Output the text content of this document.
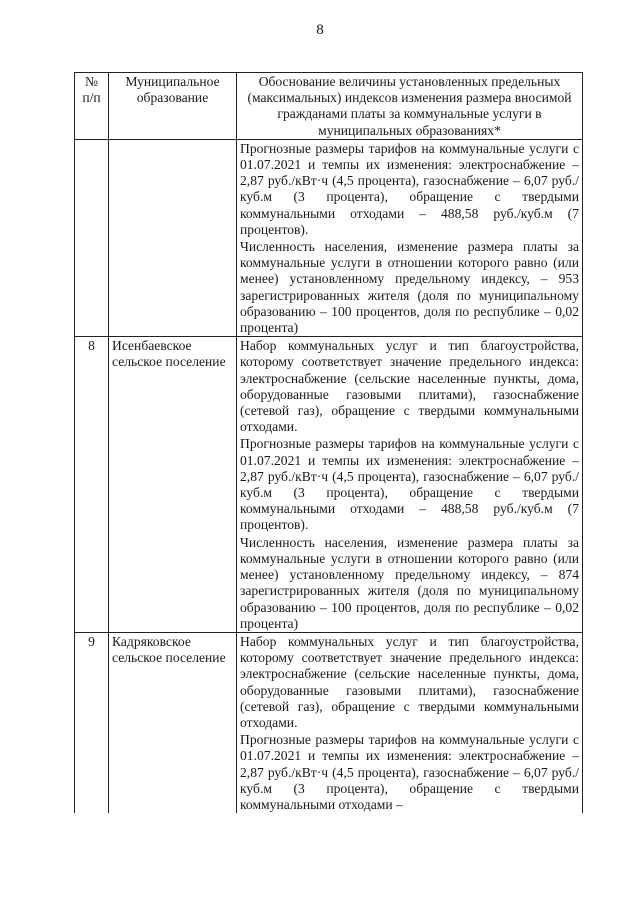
8
№ п/п	Муниципальное образование	Обоснование величины установленных предельных (максимальных) индексов изменения размера вносимой гражданами платы за коммунальные услуги в муниципальных образованиях*

		Прогнозные размеры тарифов на коммунальные услуги с 01.07.2021 и темпы их изменения: электроснабжение – 2,87 руб./кВт·ч (4,5 процента), газоснабжение – 6,07 руб./куб.м (3 процента), обращение с твердыми коммунальными отходами – 488,58 руб./куб.м (7 процентов).

Численность населения, изменение размера платы за коммунальные услуги в отношении которого равно (или менее) установленному предельному индексу, – 953 зарегистрированных жителя (доля по муниципальному образованию – 100 процентов, доля по республике – 0,02 процента)

8	Исенбаевское сельское поселение	Набор коммунальных услуг и тип благоустройства, которому соответствует значение предельного индекса: электроснабжение (сельские населенные пункты, дома, оборудованные газовыми плитами), газоснабжение (сетевой газ), обращение с твердыми коммунальными отходами.

Прогнозные размеры тарифов на коммунальные услуги с 01.07.2021 и темпы их изменения: электроснабжение – 2,87 руб./кВт·ч (4,5 процента), газоснабжение – 6,07 руб./куб.м (3 процента), обращение с твердыми коммунальными отходами – 488,58 руб./куб.м (7 процентов).

Численность населения, изменение размера платы за коммунальные услуги в отношении которого равно (или менее) установленному предельному индексу, – 874 зарегистрированных жителя (доля по муниципальному образованию – 100 процентов, доля по республике – 0,02 процента)

9	Кадряковское сельское поселение	Набор коммунальных услуг и тип благоустройства, которому соответствует значение предельного индекса: электроснабжение (сельские населенные пункты, дома, оборудованные газовыми плитами), газоснабжение (сетевой газ), обращение с твердыми коммунальными отходами.

Прогнозные размеры тарифов на коммунальные услуги с 01.07.2021 и темпы их изменения: электроснабжение – 2,87 руб./кВт·ч (4,5 процента), газоснабжение – 6,07 руб./куб.м (3 процента), обращение с твердыми коммунальными отходами –
